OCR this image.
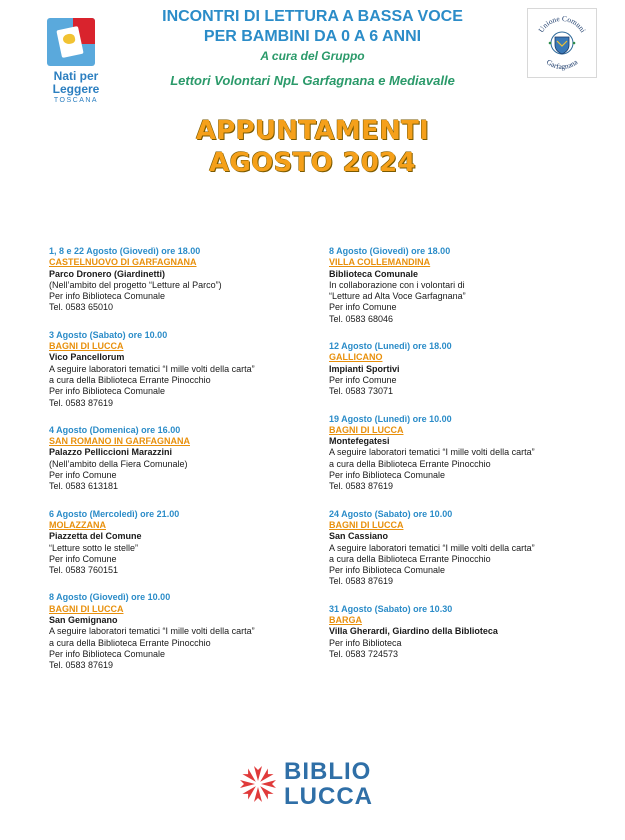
Nati per
Leggere
TOSCANA
INCONTRI DI LETTURA A BASSA VOCE
PER BAMBINI DA 0 A 6 ANNI
A cura del Gruppo
Lettori Volontari NpL Garfagnana e Mediavalle
Unione Comuni
Garfagnana
APPUNTAMENTI
AGOSTO 2024
1, 8 e 22 Agosto (Giovedì) ore 18.00
CASTELNUOVO DI GARFAGNANA
Parco Dronero (Giardinetti)
(Nell’ambito del progetto “Letture al Parco”)
Per info Biblioteca Comunale
Tel. 0583 65010
3 Agosto (Sabato) ore 10.00
BAGNI DI LUCCA
Vico Pancellorum
A seguire laboratori tematici “I mille volti della carta”
a cura della Biblioteca Errante Pinocchio
Per info Biblioteca Comunale
Tel. 0583 87619
4 Agosto (Domenica) ore 16.00
SAN ROMANO IN GARFAGNANA
Palazzo Pelliccioni Marazzini
(Nell’ambito della Fiera Comunale)
Per info Comune
Tel. 0583 613181
6 Agosto (Mercoledì) ore 21.00
MOLAZZANA
Piazzetta del Comune
“Letture sotto le stelle”
Per info Comune
Tel. 0583 760151
8 Agosto (Giovedì) ore 10.00
BAGNI DI LUCCA
San Gemignano
A seguire laboratori tematici “I mille volti della carta”
a cura della Biblioteca Errante Pinocchio
Per info Biblioteca Comunale
Tel. 0583 87619
8 Agosto (Giovedì) ore 18.00
VILLA COLLEMANDINA
Biblioteca Comunale
In collaborazione con i volontari di
“Letture ad Alta Voce Garfagnana”
Per info Comune
Tel. 0583 68046
12 Agosto (Lunedì) ore 18.00
GALLICANO
Impianti Sportivi
Per info Comune
Tel. 0583 73071
19 Agosto (Lunedì) ore 10.00
BAGNI DI LUCCA
Montefegatesi
A seguire laboratori tematici “I mille volti della carta”
a cura della Biblioteca Errante Pinocchio
Per info Biblioteca Comunale
Tel. 0583 87619
24 Agosto (Sabato) ore 10.00
BAGNI DI LUCCA
San Cassiano
A seguire laboratori tematici “I mille volti della carta”
a cura della Biblioteca Errante Pinocchio
Per info Biblioteca Comunale
Tel. 0583 87619
31 Agosto (Sabato) ore 10.30
BARGA
Villa Gherardi, Giardino della Biblioteca
Per info Biblioteca
Tel. 0583 724573
BIBLIO
LUCCA
